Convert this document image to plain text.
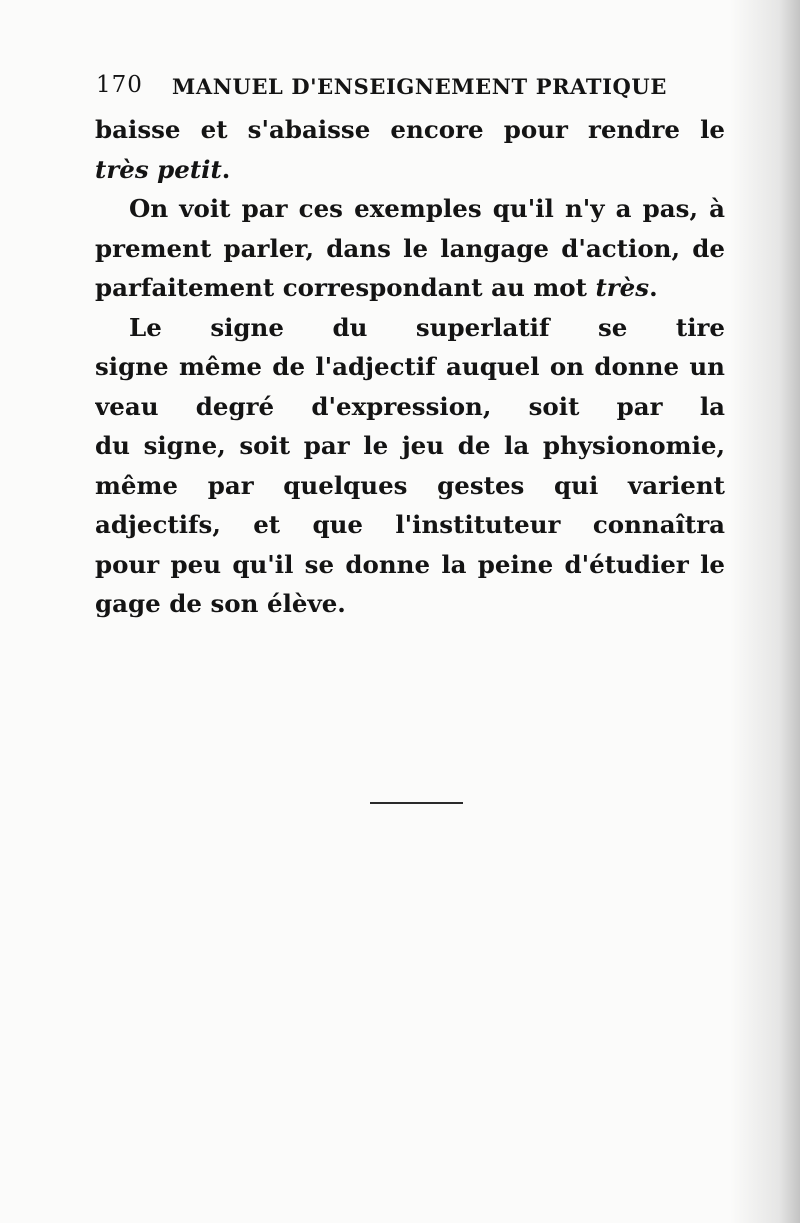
170 MANUEL D'ENSEIGNEMENT PRATIQUE
baisse et s'abaisse encore pour rendre le
très petit.
On voit par ces exemples qu'il n'y a pas, à
prement parler, dans le langage d'action, de
parfaitement correspondant au mot très.
Le signe du superlatif se tire
signe même de l'adjectif auquel on donne un
veau degré d'expression, soit par la
du signe, soit par le jeu de la physionomie,
même par quelques gestes qui varient
adjectifs, et que l'instituteur connaîtra
pour peu qu'il se donne la peine d'étudier le
gage de son élève.
